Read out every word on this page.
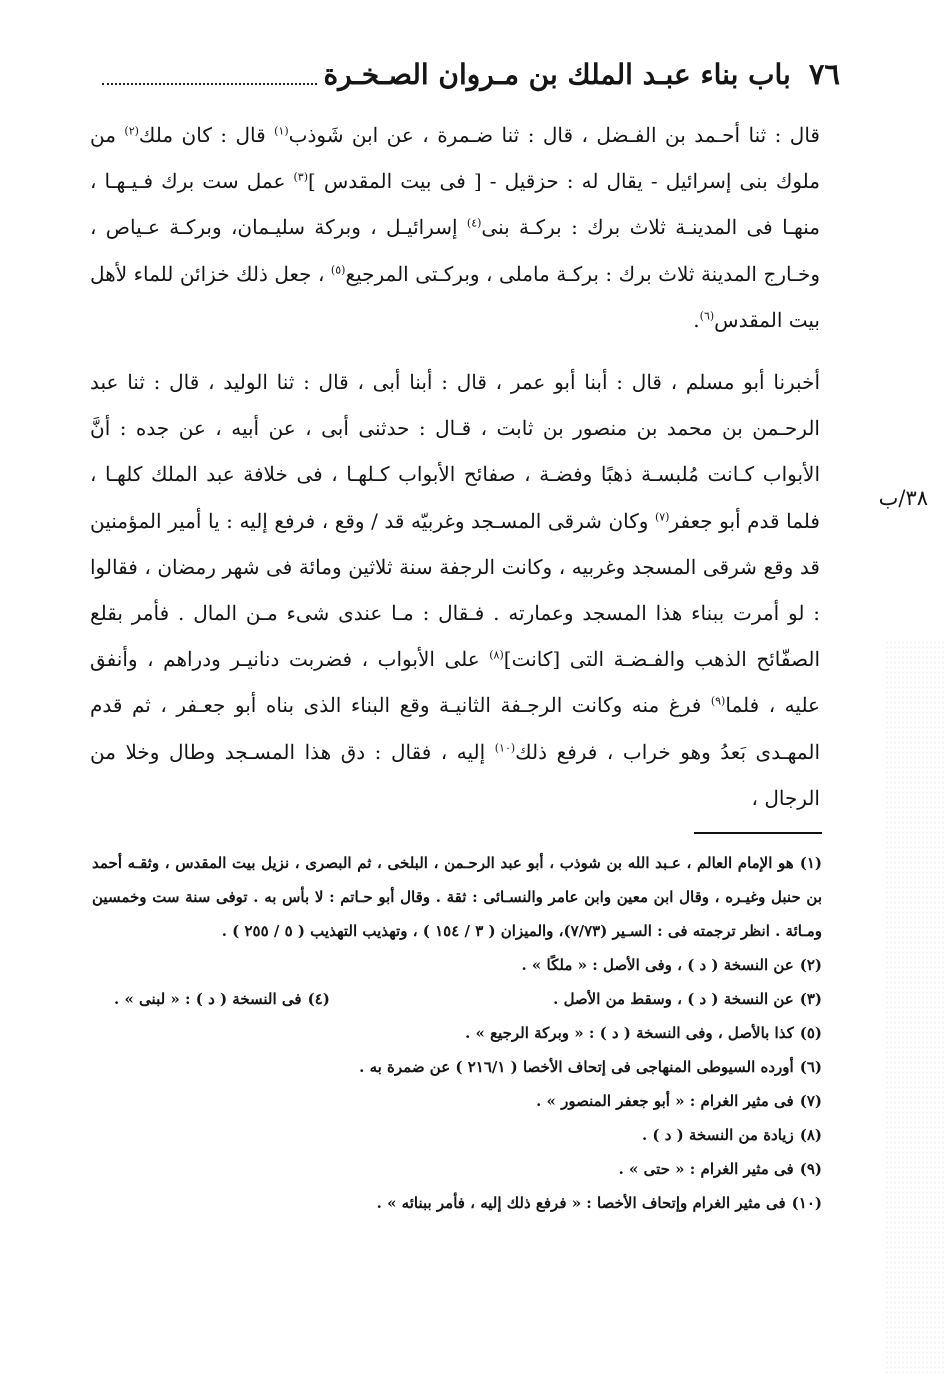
٧٦
باب بناء عبـد الملك بن مـروان الصـخـرة
٣٨/ب

قال : ثنا أحـمد بن الفـضل ، قال : ثنا ضـمرة ، عن ابن شَوذب$^{(١)}$ قال : كان ملك$^{(٢)}$ من ملوك بنى إسرائيل - يقال له : حزقيل - [ فى بيت المقدس ]$^{(٣)}$ عمل ست برك فـيـهـا ، منهـا فى المدينـة ثلاث برك : بركـة بنى$^{(٤)}$ إسرائيـل ، وبركة سليـمان، وبركـة عـياص ، وخـارج المدينة ثلاث برك : بركـة ماملى ، وبركـتى المرجيع$^{(٥)}$ ، جعل ذلك خزائن للماء لأهل بيت المقدس$^{(٦)}$.

أخبرنا أبو مسلم ، قال : أبنا أبو عمر ، قال : أبنا أبى ، قال : ثنا الوليد ، قال : ثنا عبد الرحـمن بن محمد بن منصور بن ثابت ، قـال : حدثنى أبى ، عن أبيه ، عن جده : أنَّ الأبواب كـانت مُلبسـة ذهبًا وفضـة ، صفائح الأبواب كـلهـا ، فى خلافة عبد الملك كلهـا ، فلما قدم أبو جعفر$^{(٧)}$ وكان شرقى المسـجد وغربيّه قد / وقع ، فرفع إليه : يا أمير المؤمنين قد وقع شرقى المسجد وغربيه ، وكانت الرجفة سنة ثلاثين ومائة فى شهر رمضان ، فقالوا : لو أمرت ببناء هذا المسجد وعمارته . فـقال : مـا عندى شىء مـن المال . فأمر بقلع الصفّائح الذهب والفـضـة التى [كانت]$^{(٨)}$ على الأبواب ، فضربت دنانيـر ودراهم ، وأنفق عليه ، فلما$^{(٩)}$ فرغ منه وكانت الرجـفة الثانيـة وقع البناء الذى بناه أبو جعـفر ، ثم قدم المهـدى بَعدُ وهو خراب ، فرفع ذلك$^{(١٠)}$ إليه ، فقال : دق هذا المسـجد وطال وخلا من الرجال ،

(١)هو الإمام العالم ، عـبد الله بن شوذب ، أبو عبد الرحـمن ، البلخى ، ثم البصرى ، نزيل بيت المقدس ، وثقـه أحمد بن حنبل وغيـره ، وقال ابن معين وابن عامر والنسـائى : ثقة . وقال أبو حـاتم : لا بأس به . توفى سنة ست وخمسين ومـائة . انظر ترجمته فى : السـير (٧/٧٣)، والميزان ( ٣ / ١٥٤ ) ، وتهذيب التهذيب ( ٥ / ٢٥٥ ) .

(٢)عن النسخة ( د ) ، وفى الأصل : « ملكًا » .

(٣)عن النسخة ( د ) ، وسقط من الأصل .
(٤)فى النسخة ( د ) : « لبنى » .

(٥)كذا بالأصل ، وفى النسخة ( د ) : « وبركة الرجيع » .

(٦)أورده السيوطى المنهاجى فى إتحاف الأخصا ( ٢١٦/١ ) عن ضمرة به .

(٧)فى مثير الغرام : « أبو جعفر المنصور » .

(٨)زيادة من النسخة ( د ) .

(٩)فى مثير الغرام : « حتى » .

(١٠)فى مثير الغرام وإتحاف الأخصا : « فرفع ذلك إليه ، فأمر ببنائه » .
